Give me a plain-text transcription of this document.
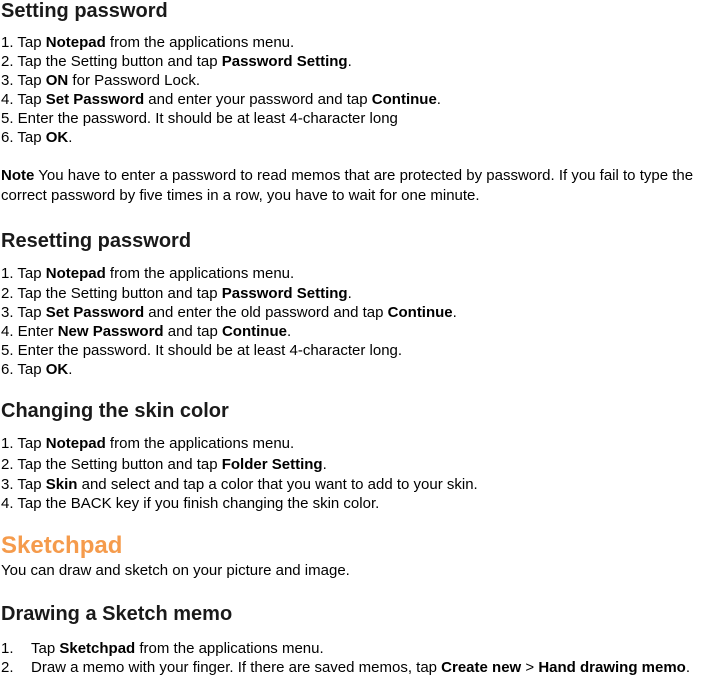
Setting password
1. Tap Notepad from the applications menu.
2. Tap the Setting button and tap Password Setting.
3. Tap ON for Password Lock.
4. Tap Set Password and enter your password and tap Continue.
5. Enter the password. It should be at least 4-character long
6. Tap OK.
Note You have to enter a password to read memos that are protected by password. If you fail to type the correct password by five times in a row, you have to wait for one minute.
Resetting password
1. Tap Notepad from the applications menu.
2. Tap the Setting button and tap Password Setting.
3. Tap Set Password and enter the old password and tap Continue.
4. Enter New Password and tap Continue.
5. Enter the password. It should be at least 4-character long.
6. Tap OK.
Changing the skin color
1. Tap Notepad from the applications menu.
2. Tap the Setting button and tap Folder Setting.
3. Tap Skin and select and tap a color that you want to add to your skin.
4. Tap the BACK key if you finish changing the skin color.
Sketchpad
You can draw and sketch on your picture and image.
Drawing a Sketch memo
1. Tap Sketchpad from the applications menu.
2. Draw a memo with your finger. If there are saved memos, tap Create new > Hand drawing memo.
